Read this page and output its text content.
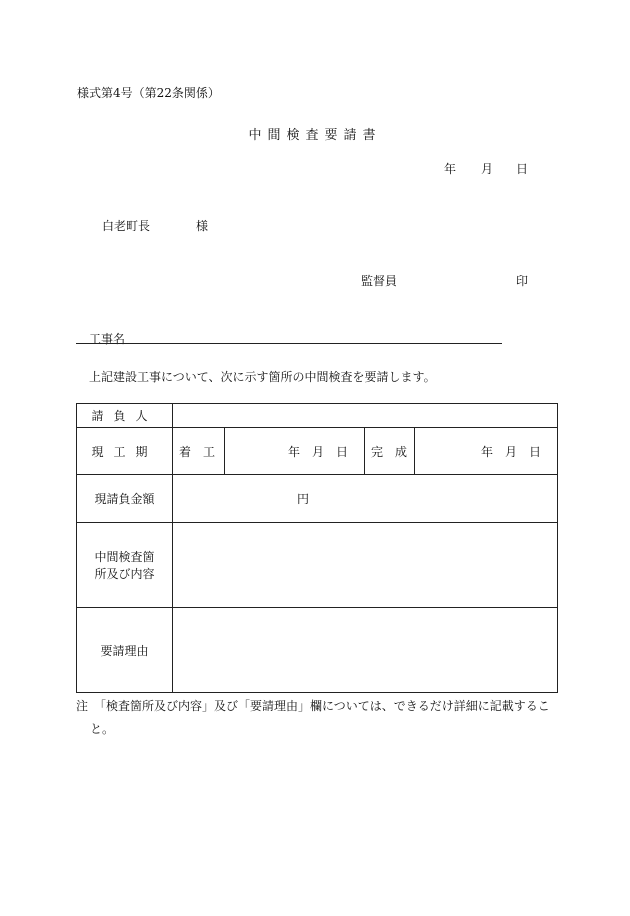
様式第4号（第22条関係）
中間検査要請書
年 月 日
白老町長	様
監督員	印
工事名
上記建設工事について、次に示す箇所の中間検査を要請します。
請負人				
現工期	着　工	年　月　日	完　成	年　月　日
現請負金額	円			

中間検査箇
所及び内容				

要請理由				
注　「検査箇所及び内容」及び「要請理由」欄については、できるだけ詳細に記載するこ
と。
